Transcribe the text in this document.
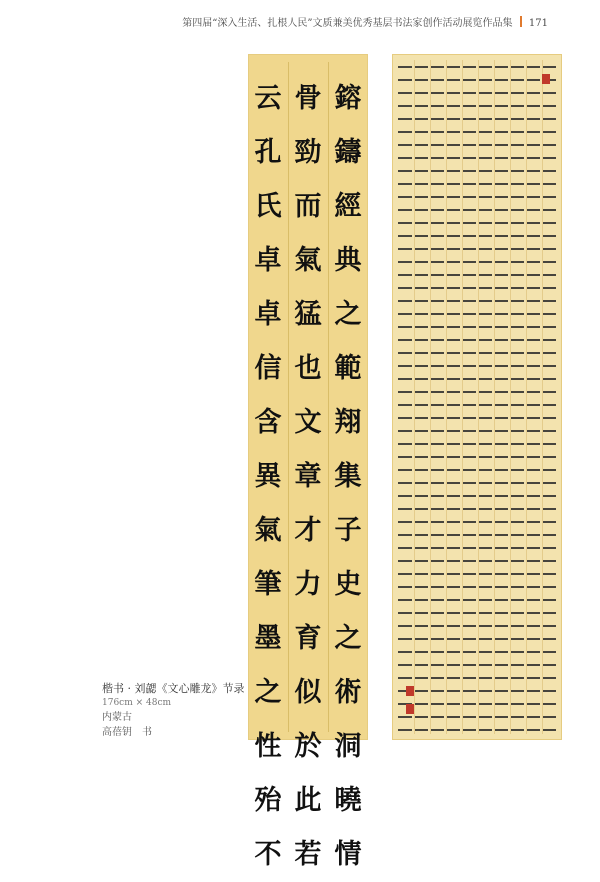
第四届“深入生活、扎根人民”文质兼美优秀基层书法家创作活动展览作品集 171
鎔
鑄
經
典
之
範
翔
集
子
史
之
術
洞
曉
情
骨
勁
而
氣
猛
也
文
章
才
力
育
似
於
此
若
云
孔
氏
卓
卓
信
含
異
氣
筆
墨
之
性
殆
不
楷书 · 刘勰《文心雕龙》节录
176cm × 48cm
内蒙古
高蓓钥　书
